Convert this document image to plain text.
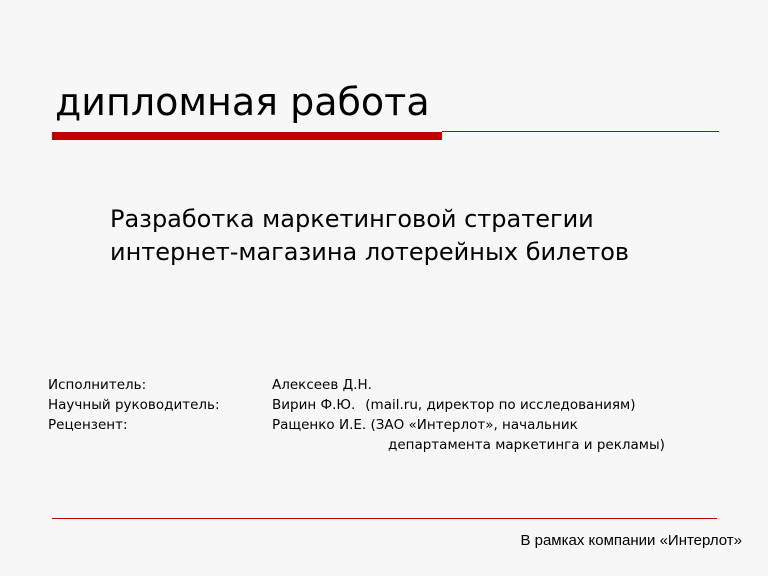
дипломная работа
Разработка маркетинговой стратегии
интернет-магазина лотерейных билетов
Исполнитель:	Алексеев Д.Н.
Научный руководитель:	Вирин Ф.Ю. (mail.ru, директор по исследованиям)
Рецензент:	Ращенко И.Е. (ЗАО «Интерлот», начальник
департамента маркетинга и рекламы)
В рамках компании «Интерлот»
